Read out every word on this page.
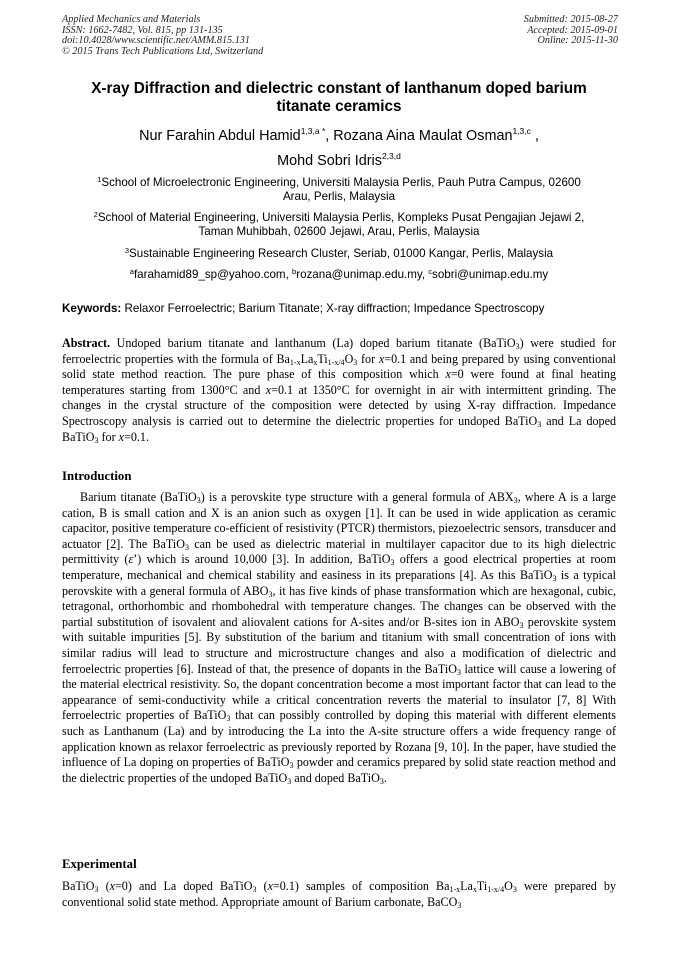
Applied Mechanics and Materials
ISSN: 1662-7482, Vol. 815, pp 131-135
doi:10.4028/www.scientific.net/AMM.815.131
© 2015 Trans Tech Publications Ltd, Switzerland
Submitted: 2015-08-27
Accepted: 2015-09-01
Online: 2015-11-30
X-ray Diffraction and dielectric constant of lanthanum doped barium
titanate ceramics
Nur Farahin Abdul Hamid$^{1,3,a *}$, Rozana Aina Maulat Osman$^{1,3,c}$ ,
Mohd Sobri Idris$^{2,3,d}$
$^1$School of Microelectronic Engineering, Universiti Malaysia Perlis, Pauh Putra Campus, 02600
Arau, Perlis, Malaysia
$^2$School of Material Engineering, Universiti Malaysia Perlis, Kompleks Pusat Pengajian Jejawi 2,
Taman Muhibbah, 02600 Jejawi, Arau, Perlis, Malaysia
$^3$Sustainable Engineering Research Cluster, Seriab, 01000 Kangar, Perlis, Malaysia
$^a$farahamid89_sp@yahoo.com, $^b$rozana@unimap.edu.my, $^c$sobri@unimap.edu.my
Keywords: Relaxor Ferroelectric; Barium Titanate; X-ray diffraction; Impedance Spectroscopy
Abstract. Undoped barium titanate and lanthanum (La) doped barium titanate (BaTiO$_3$) were studied for ferroelectric properties with the formula of $Ba_{1-x}La_xTi_{1-x/4}O_3$ for x=0.1 and being prepared by using conventional solid state method reaction. The pure phase of this composition which x=0 were found at final heating temperatures starting from 1300°C and x=0.1 at 1350°C for overnight in air with intermittent grinding. The changes in the crystal structure of the composition were detected by using X-ray diffraction. Impedance Spectroscopy analysis is carried out to determine the dielectric properties for undoped BaTiO$_3$ and La doped BaTiO$_3$ for x=0.1.
Introduction
Barium titanate (BaTiO$_3$) is a perovskite type structure with a general formula of $ABX_3$, where A is a large cation, B is small cation and X is an anion such as oxygen [1]. It can be used in wide application as ceramic capacitor, positive temperature co-efficient of resistivity (PTCR) thermistors, piezoelectric sensors, transducer and actuator [2]. The BaTiO$_3$ can be used as dielectric material in multilayer capacitor due to its high dielectric permittivity (ε’) which is around 10,000 [3]. In addition, BaTiO$_3$ offers a good electrical properties at room temperature, mechanical and chemical stability and easiness in its preparations [4]. As this BaTiO$_3$ is a typical perovskite with a general formula of $ABO_3$, it has five kinds of phase transformation which are hexagonal, cubic, tetragonal, orthorhombic and rhombohedral with temperature changes. The changes can be observed with the partial substitution of isovalent and aliovalent cations for A-sites and/or B-sites ion in $ABO_3$ perovskite system with suitable impurities [5]. By substitution of the barium and titanium with small concentration of ions with similar radius will lead to structure and microstructure changes and also a modification of dielectric and ferroelectric properties [6]. Instead of that, the presence of dopants in the BaTiO$_3$ lattice will cause a lowering of the material electrical resistivity. So, the dopant concentration become a most important factor that can lead to the appearance of semi-conductivity while a critical concentration reverts the material to insulator [7, 8] With ferroelectric properties of BaTiO$_3$ that can possibly controlled by doping this material with different elements such as Lanthanum (La) and by introducing the La into the A-site structure offers a wide frequency range of application known as relaxor ferroelectric as previously reported by Rozana [9, 10]. In the paper, have studied the influence of La doping on properties of BaTiO$_3$ powder and ceramics prepared by solid state reaction method and the dielectric properties of the undoped BaTiO$_3$ and doped BaTiO$_3$.
Experimental
BaTiO$_3$ (x=0) and La doped BaTiO$_3$ (x=0.1) samples of composition $Ba_{1-x}La_xTi_{1-x/4}O_3$ were prepared by conventional solid state method. Appropriate amount of Barium carbonate, BaCO$_3$
